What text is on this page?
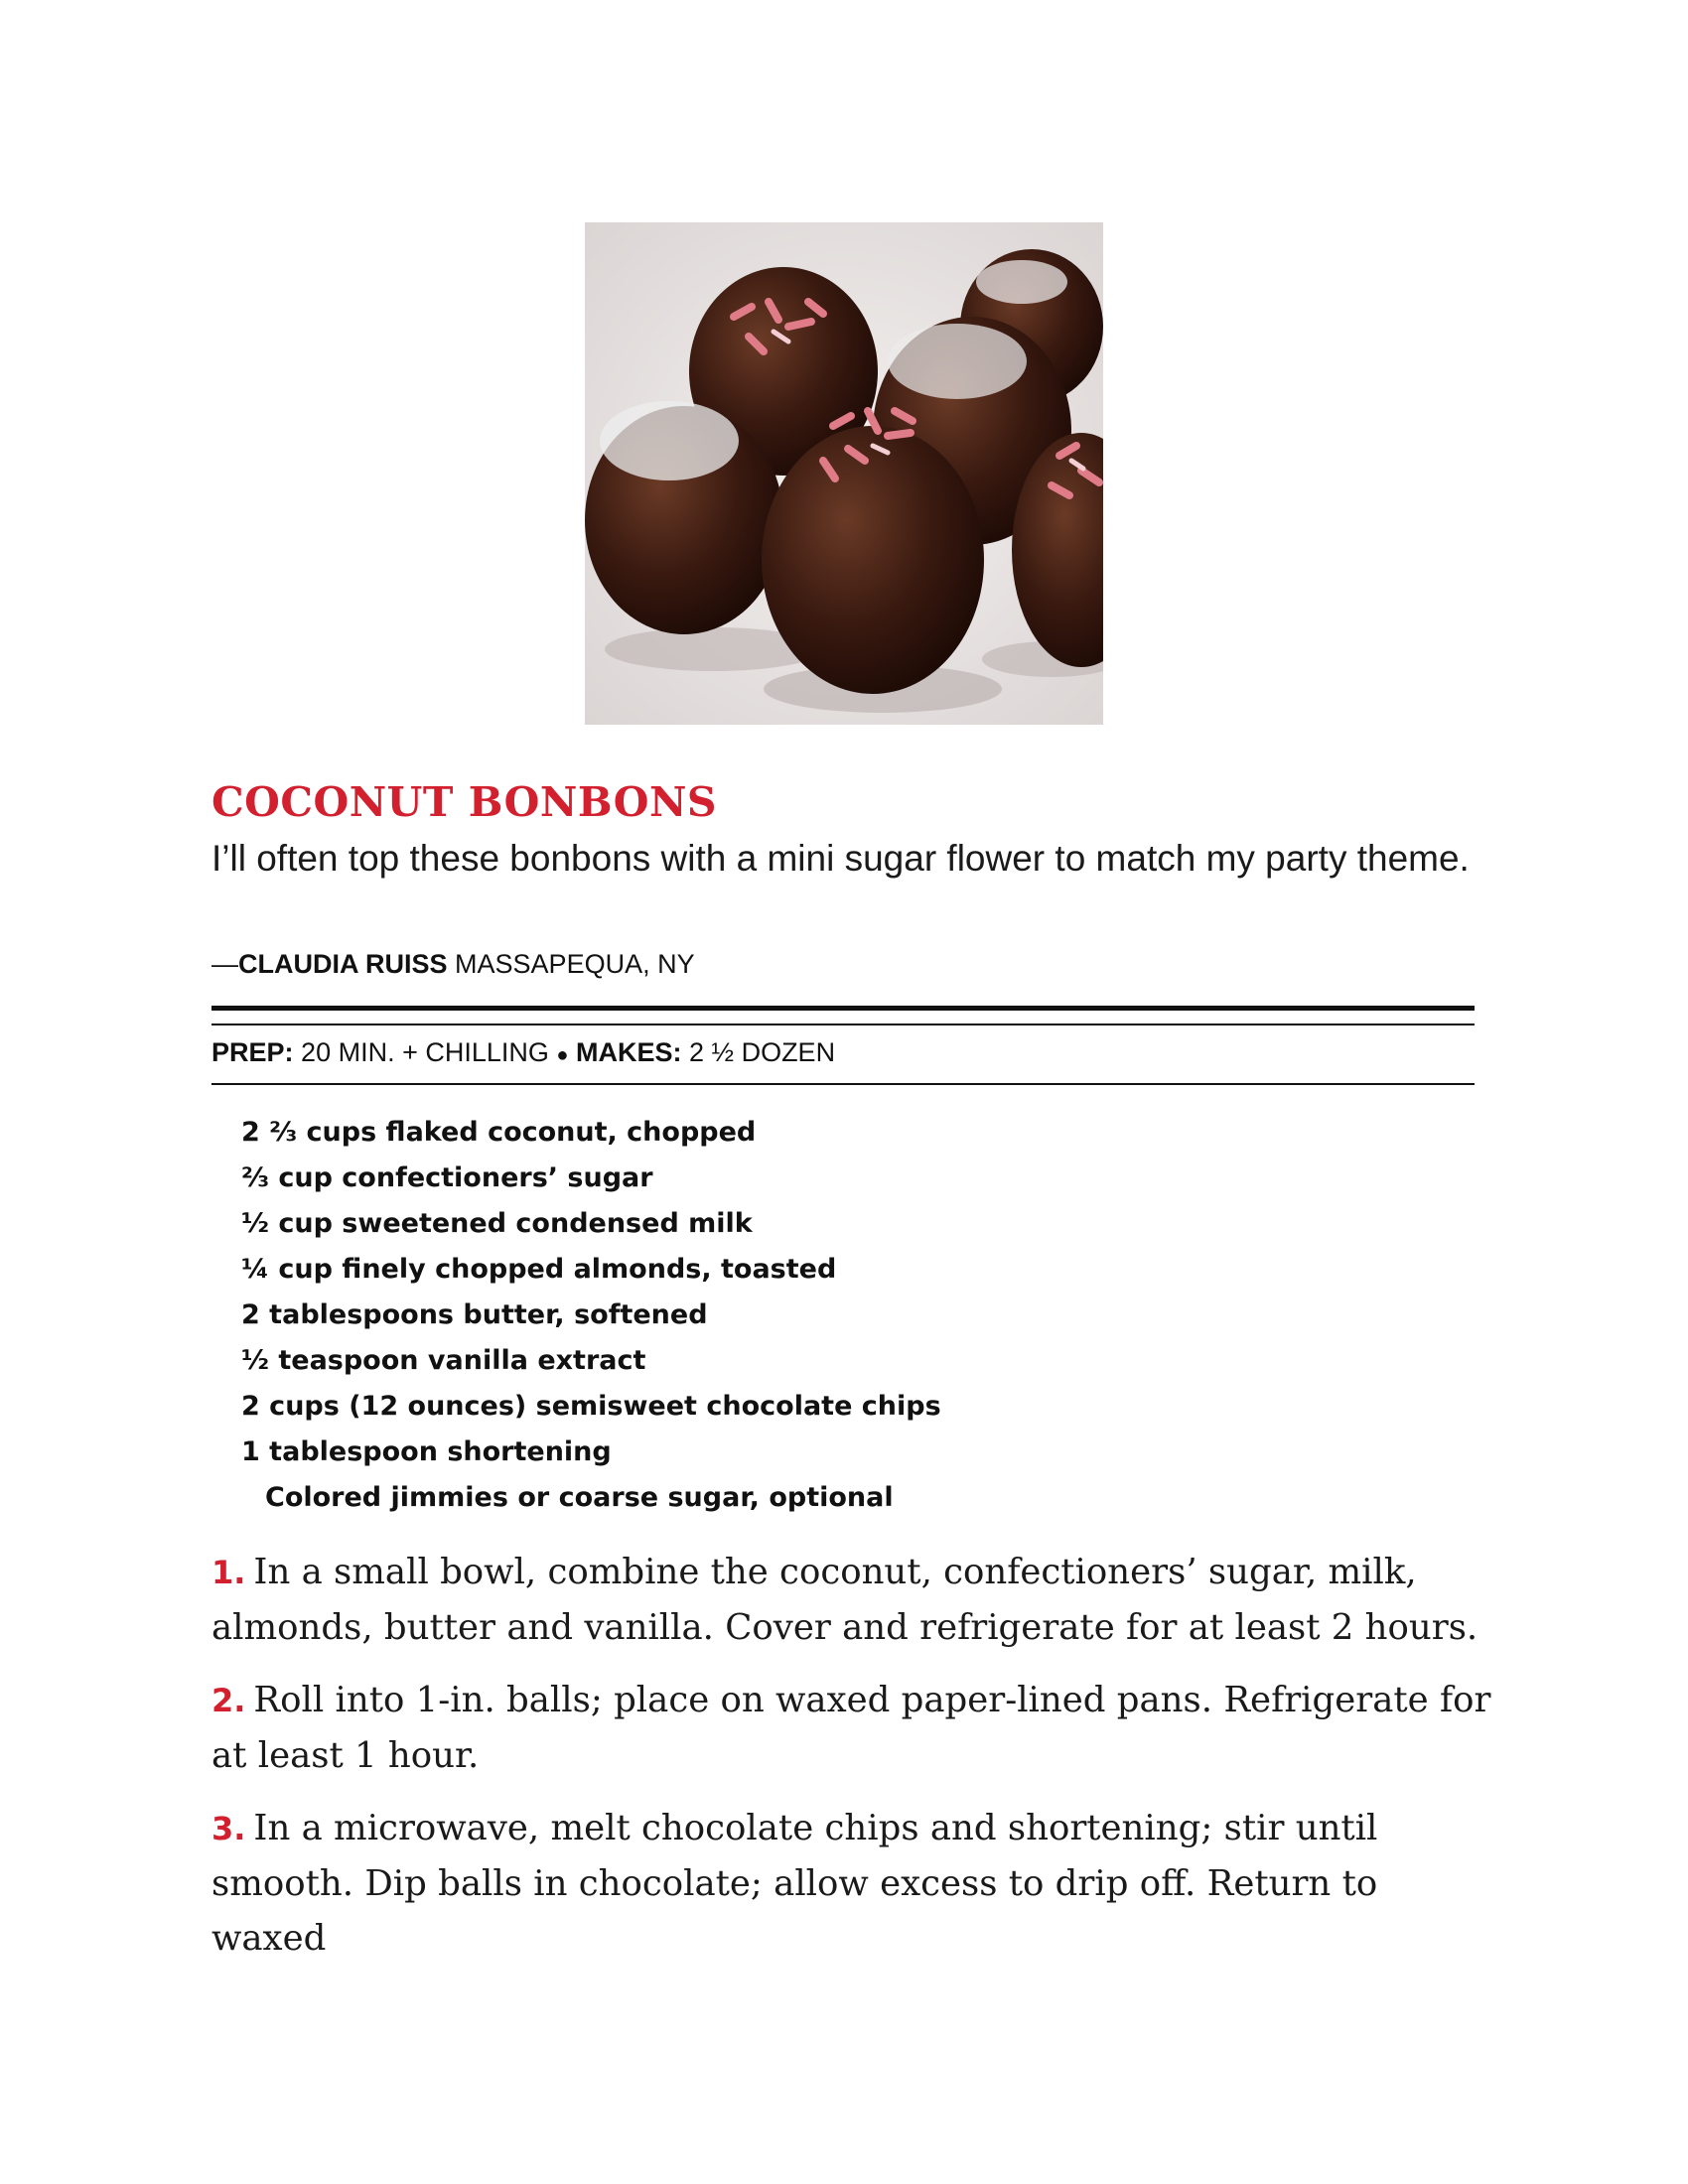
COCONUT BONBONS
I’ll often top these bonbons with a mini sugar flower to match my party theme.
—CLAUDIA RUISS MASSAPEQUA, NY
PREP: 20 MIN. + CHILLING ● MAKES: 2 ½ DOZEN
2 ⅔ cups flaked coconut, chopped
⅔ cup confectioners’ sugar
½ cup sweetened condensed milk
¼ cup finely chopped almonds, toasted
2 tablespoons butter, softened
½ teaspoon vanilla extract
2 cups (12 ounces) semisweet chocolate chips
1 tablespoon shortening
Colored jimmies or coarse sugar, optional

1. In a small bowl, combine the coconut, confectioners’ sugar, milk, almonds, butter and vanilla. Cover and refrigerate for at least 2 hours.

2. Roll into 1-in. balls; place on waxed paper-lined pans. Refrigerate for at least 1 hour.

3. In a microwave, melt chocolate chips and shortening; stir until smooth. Dip balls in chocolate; allow excess to drip off. Return to waxed
